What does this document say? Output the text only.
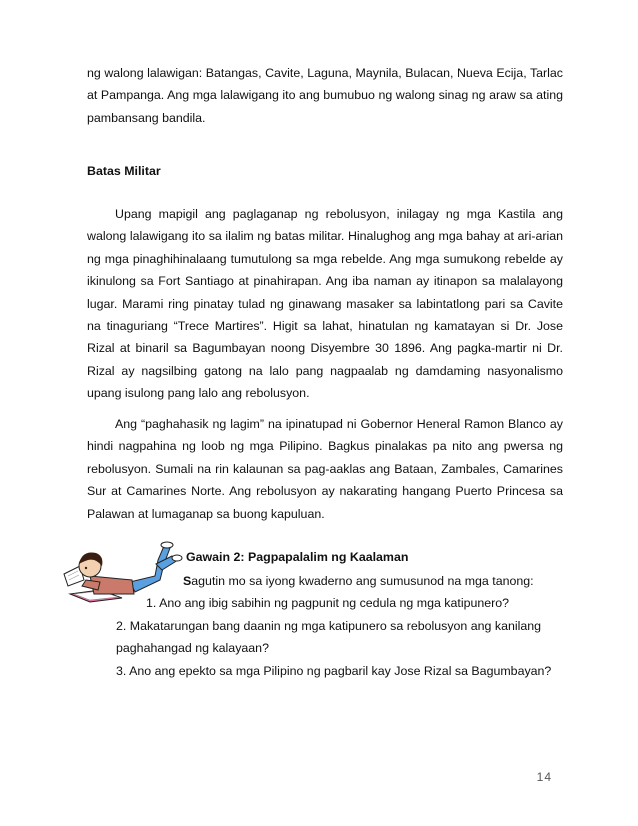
ng walong lalawigan: Batangas, Cavite, Laguna, Maynila, Bulacan, Nueva Ecija, Tarlac at Pampanga. Ang mga lalawigang ito ang bumubuo ng walong sinag ng araw sa ating pambansang bandila.

Batas Militar

Upang mapigil ang paglaganap ng rebolusyon, inilagay ng mga Kastila ang walong lalawigang ito sa ilalim ng batas militar. Hinalughog ang mga bahay at ari-arian ng mga pinaghihinalaang tumutulong sa mga rebelde. Ang mga sumukong rebelde ay ikinulong sa Fort Santiago at pinahirapan. Ang iba naman ay itinapon sa malalayong lugar. Marami ring pinatay tulad ng ginawang masaker sa labintatlong pari sa Cavite na tinaguriang “Trece Martires”. Higit sa lahat, hinatulan ng kamatayan si Dr. Jose Rizal at binaril sa Bagumbayan noong Disyembre 30 1896. Ang pagka-martir ni Dr. Rizal ay nagsilbing gatong na lalo pang nagpaalab ng damdaming nasyonalismo upang isulong pang lalo ang rebolusyon.

Ang “paghahasik ng lagim” na ipinatupad ni Gobernor Heneral Ramon Blanco ay hindi nagpahina ng loob ng mga Pilipino. Bagkus pinalakas pa nito ang pwersa ng rebolusyon. Sumali na rin kalaunan sa pag-aaklas ang Bataan, Zambales, Camarines Sur at Camarines Norte. Ang rebolusyon ay nakarating hangang Puerto Princesa sa Palawan at lumaganap sa buong kapuluan.

Gawain 2: Pagpapalalim ng Kaalaman
Sagutin mo sa iyong kwaderno ang sumusunod na mga tanong:
1. Ano ang ibig sabihin ng pagpunit ng cedula ng mga katipunero?
2. Makatarungan bang daanin ng mga katipunero sa rebolusyon ang kanilang paghahangad ng kalayaan?
3. Ano ang epekto sa mga Pilipino ng pagbaril kay Jose Rizal sa Bagumbayan?
14
